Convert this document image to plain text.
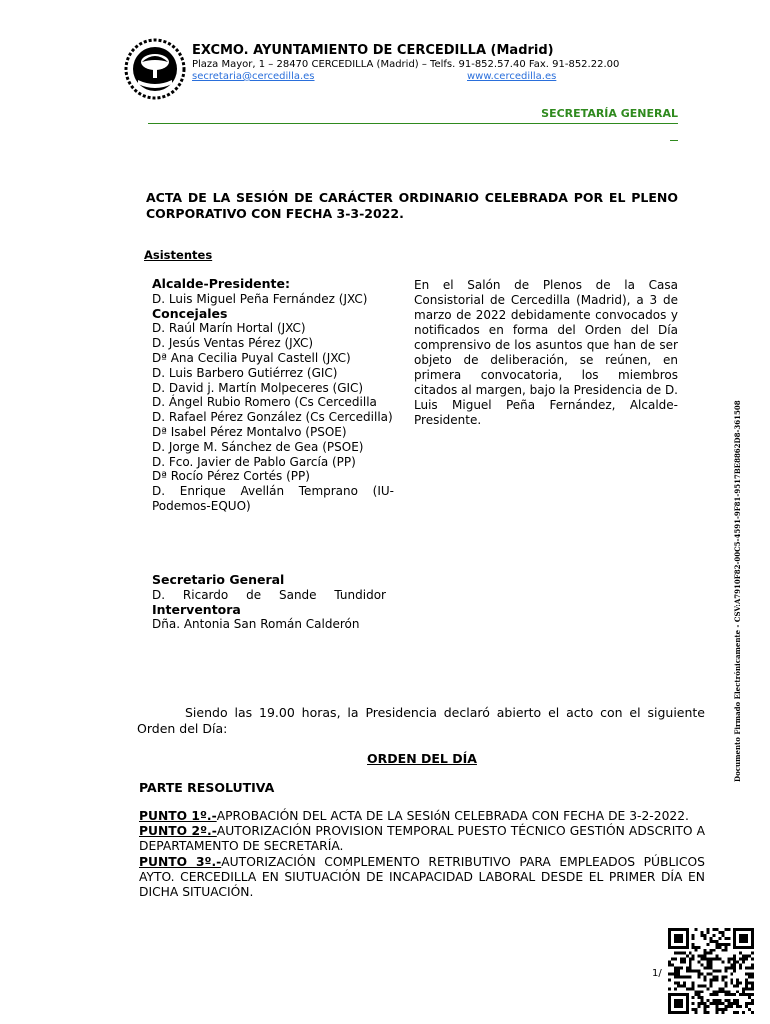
EXCMO. AYUNTAMIENTO DE CERCEDILLA (Madrid)
Plaza Mayor, 1 – 28470 CERCEDILLA (Madrid) – Telfs. 91-852.57.40 Fax. 91-852.22.00
secretaria@cercedilla.es	www.cercedilla.es
SECRETARÍA GENERAL
ACTA DE LA SESIÓN DE CARÁCTER ORDINARIO CELEBRADA POR EL PLENO CORPORATIVO CON FECHA 3-3-2022.
Asistentes
Alcalde-Presidente:
D. Luis Miguel Peña Fernández (JXC)
Concejales
D. Raúl Marín Hortal (JXC)
D. Jesús Ventas Pérez (JXC)
Dª Ana Cecilia Puyal Castell (JXC)
D. Luis Barbero Gutiérrez (GIC)
D. David j. Martín Molpeceres (GIC)
D. Ángel Rubio Romero (Cs Cercedilla
D. Rafael Pérez González (Cs Cercedilla)
Dª Isabel Pérez Montalvo (PSOE)
D. Jorge M. Sánchez de Gea (PSOE)
D. Fco. Javier de Pablo García (PP)
Dª Rocío Pérez Cortés (PP)
D. Enrique Avellán Temprano (IU-Podemos-EQUO)
En el Salón de Plenos de la Casa Consistorial de Cercedilla (Madrid), a 3 de marzo de 2022 debidamente convocados y notificados en forma del Orden del Día comprensivo de los asuntos que han de ser objeto de deliberación, se reúnen, en primera convocatoria, los miembros citados al margen, bajo la Presidencia de D. Luis Miguel Peña Fernández, Alcalde-Presidente.
Secretario General
D. Ricardo de Sande Tundidor
Interventora
Dña. Antonia San Román Calderón
Siendo las 19.00 horas, la Presidencia declaró abierto el acto con el siguiente Orden del Día:
ORDEN DEL DÍA
PARTE RESOLUTIVA
PUNTO 1º.-APROBACIÓN DEL ACTA DE LA SESIóN CELEBRADA CON FECHA DE 3-2-2022.
PUNTO 2º.-AUTORIZACIÓN PROVISION TEMPORAL PUESTO TÉCNICO GESTIÓN ADSCRITO A DEPARTAMENTO DE SECRETARÍA.
PUNTO 3º.-AUTORIZACIÓN COMPLEMENTO RETRIBUTIVO PARA EMPLEADOS PÚBLICOS AYTO. CERCEDILLA EN SIUTUACIÓN DE INCAPACIDAD LABORAL DESDE EL PRIMER DÍA EN DICHA SITUACIÓN.
Documento Firmado Electrónicamente - CSV:A7910F82-00C5-4591-9F81-9517BE8862D8-361508
1/
